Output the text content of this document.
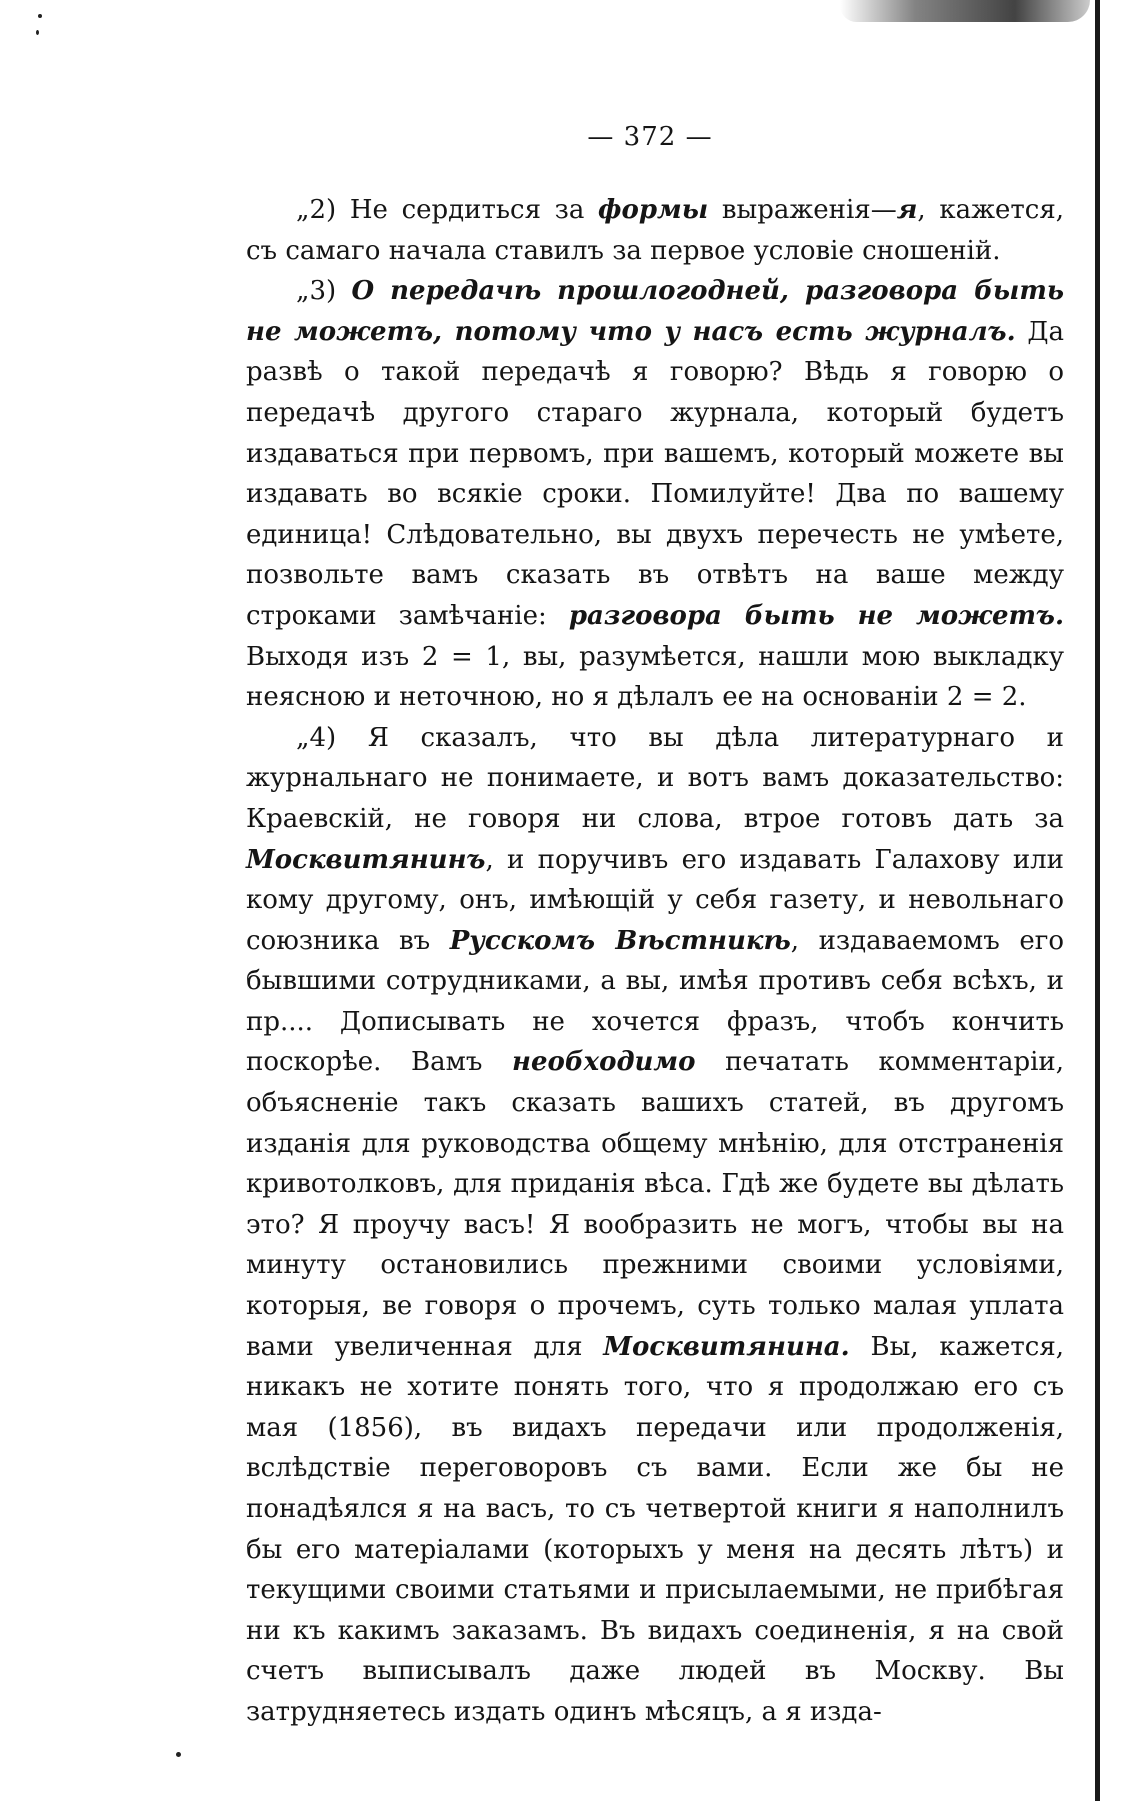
— 372 —

„2) Не сердиться за формы выраженія—я, кажется, съ самаго начала ставилъ за первое условіе сношеній.

„3) О передачѣ прошлогодней, разговора быть не можетъ, потому что у насъ есть журналъ. Да развѣ о такой передачѣ я говорю? Вѣдь я говорю о передачѣ другого стараго журнала, который будетъ издаваться при первомъ, при вашемъ, который можете вы издавать во всякіе сроки. Помилуйте! Два по вашему единица! Слѣдовательно, вы двухъ перечесть не умѣете, позвольте вамъ сказать въ отвѣтъ на ваше между строками замѣчаніе: разговора быть не можетъ. Выходя изъ 2 = 1, вы, разумѣется, нашли мою выкладку неясною и неточною, но я дѣлалъ ее на основаніи 2 = 2.

„4) Я сказалъ, что вы дѣла литературнаго и журнальнаго не понимаете, и вотъ вамъ доказательство: Краевскій, не говоря ни слова, втрое готовъ дать за Москвитянинъ, и поручивъ его издавать Галахову или кому другому, онъ, имѣющій у себя газету, и невольнаго союзника въ Русскомъ Вѣстникѣ, издаваемомъ его бывшими сотрудниками, а вы, имѣя противъ себя всѣхъ, и пр.... Дописывать не хочется фразъ, чтобъ кончить поскорѣе. Вамъ необходимо печатать комментаріи, объясненіе такъ сказать вашихъ статей, въ другомъ изданія для руководства общему мнѣнію, для отстраненія кривотолковъ, для приданія вѣса. Гдѣ же будете вы дѣлать это? Я проучу васъ! Я вообразить не могъ, чтобы вы на минуту остановились прежними своими условіями, которыя, ве говоря о прочемъ, суть только малая уплата вами увеличенная для Москвитянина. Вы, кажется, никакъ не хотите понять того, что я продолжаю его съ мая (1856), въ видахъ передачи или продолженія, вслѣдствіе переговоровъ съ вами. Если же бы не понадѣялся я на васъ, то съ четвертой книги я наполнилъ бы его матеріалами (которыхъ у меня на десять лѣтъ) и текущими своими статьями и присылаемыми, не прибѣгая ни къ какимъ заказамъ. Въ видахъ соединенія, я на свой счетъ выписывалъ даже людей въ Москву. Вы затрудняетесь издать одинъ мѣсяцъ, а я изда-
